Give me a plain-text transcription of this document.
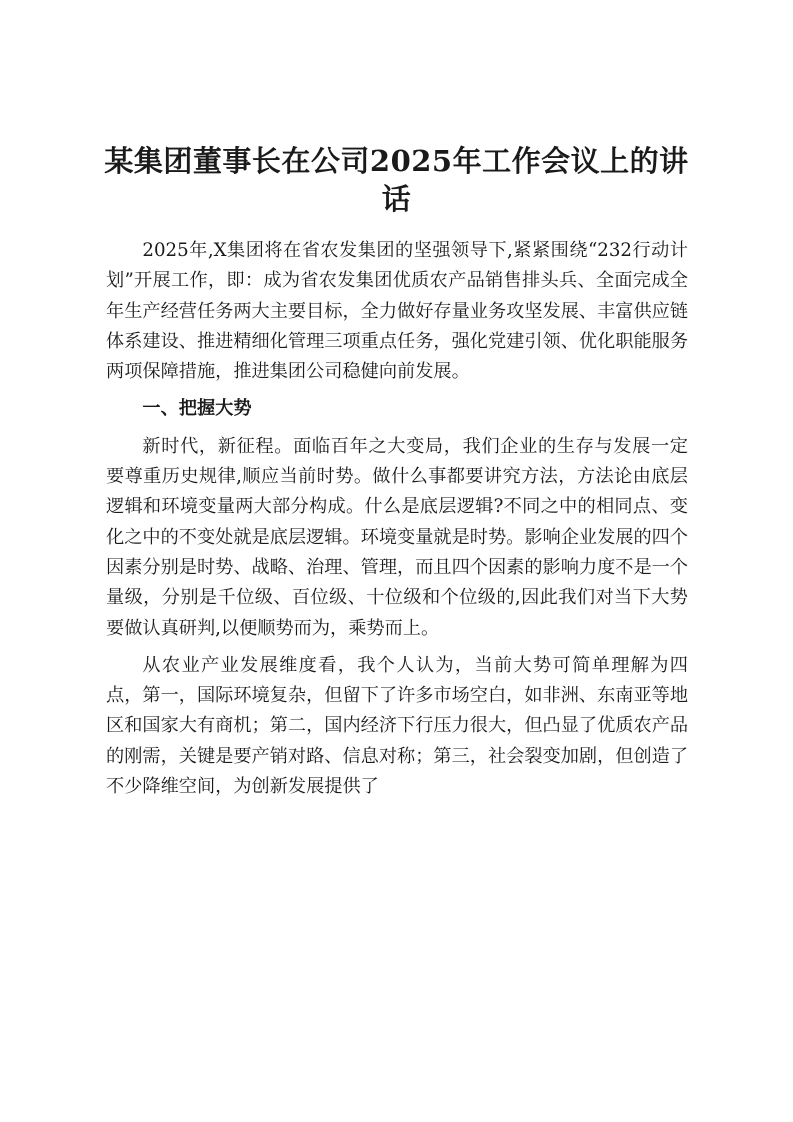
某集团董事长在公司2025年工作会议上的讲话

2025年,X集团将在省农发集团的坚强领导下,紧紧围绕“232行动计划”开展工作，即：成为省农发集团优质农产品销售排头兵、全面完成全年生产经营任务两大主要目标，全力做好存量业务攻坚发展、丰富供应链体系建设、推进精细化管理三项重点任务，强化党建引领、优化职能服务两项保障措施，推进集团公司稳健向前发展。

一、把握大势

新时代，新征程。面临百年之大变局，我们企业的生存与发展一定要尊重历史规律,顺应当前时势。做什么事都要讲究方法，方法论由底层逻辑和环境变量两大部分构成。什么是底层逻辑?不同之中的相同点、变化之中的不变处就是底层逻辑。环境变量就是时势。影响企业发展的四个因素分别是时势、战略、治理、管理，而且四个因素的影响力度不是一个量级，分别是千位级、百位级、十位级和个位级的,因此我们对当下大势要做认真研判,以便顺势而为，乘势而上。

从农业产业发展维度看，我个人认为，当前大势可简单理解为四点，第一，国际环境复杂，但留下了许多市场空白，如非洲、东南亚等地区和国家大有商机；第二，国内经济下行压力很大，但凸显了优质农产品的刚需，关键是要产销对路、信息对称；第三，社会裂变加剧，但创造了不少降维空间，为创新发展提供了
